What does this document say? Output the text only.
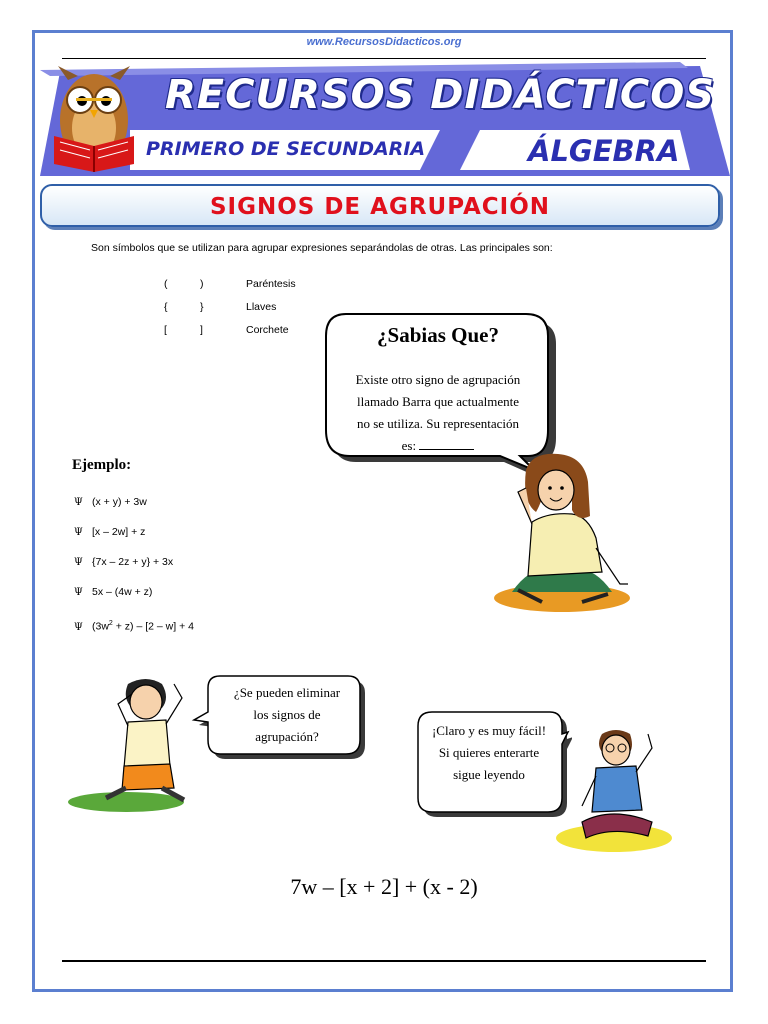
www.RecursosDidacticos.org
RECURSOS DIDÁCTICOS
PRIMERO DE SECUNDARIA	ÁLGEBRA
SIGNOS DE AGRUPACIÓN
Son símbolos que se utilizan para agrupar expresiones separándolas de otras. Las principales son:
(	)	Paréntesis
{	}	Llaves
[	]	Corchete	¿Sabias Que?
Existe otro signo de agrupación
llamado Barra que actualmente
no se utiliza. Su representación
es:
Ejemplo:
Ψ (x + y) + 3w
Ψ [x – 2w] + z
Ψ {7x – 2z + y} + 3x
Ψ 5x – (4w + z)
Ψ $(3w^2 + z) - [2 - w] + 4$
¿Se pueden eliminar
los signos de
agrupación?	¡Claro y es muy fácil!
Si quieres enterarte
sigue leyendo
7w – [x + 2] + (x - 2)
